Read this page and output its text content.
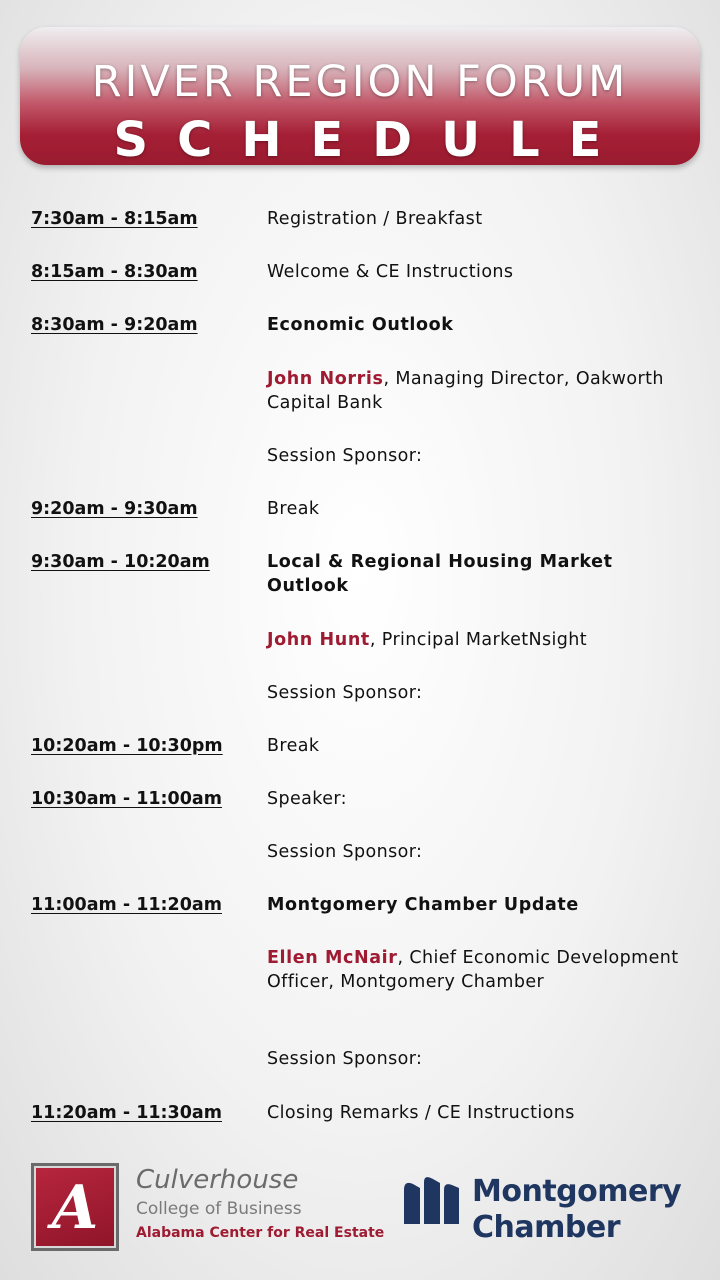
RIVER REGION FORUM
SCHEDULE
7:30am - 8:15am	Registration / Breakfast
8:15am - 8:30am	Welcome & CE Instructions
8:30am - 9:20am	Economic Outlook
John Norris, Managing Director, Oakworth Capital Bank
Session Sponsor:
9:20am - 9:30am	Break
9:30am - 10:20am	Local & Regional Housing Market Outlook
John Hunt, Principal MarketNsight
Session Sponsor:
10:20am - 10:30pm	Break
10:30am - 11:00am	Speaker:
Session Sponsor:
11:00am - 11:20am	Montgomery Chamber Update
Ellen McNair, Chief Economic Development Officer, Montgomery Chamber
Session Sponsor:
11:20am - 11:30am	Closing Remarks / CE Instructions
A Culverhouse
College of Business
Alabama Center for Real Estate
Montgomery
Chamber
